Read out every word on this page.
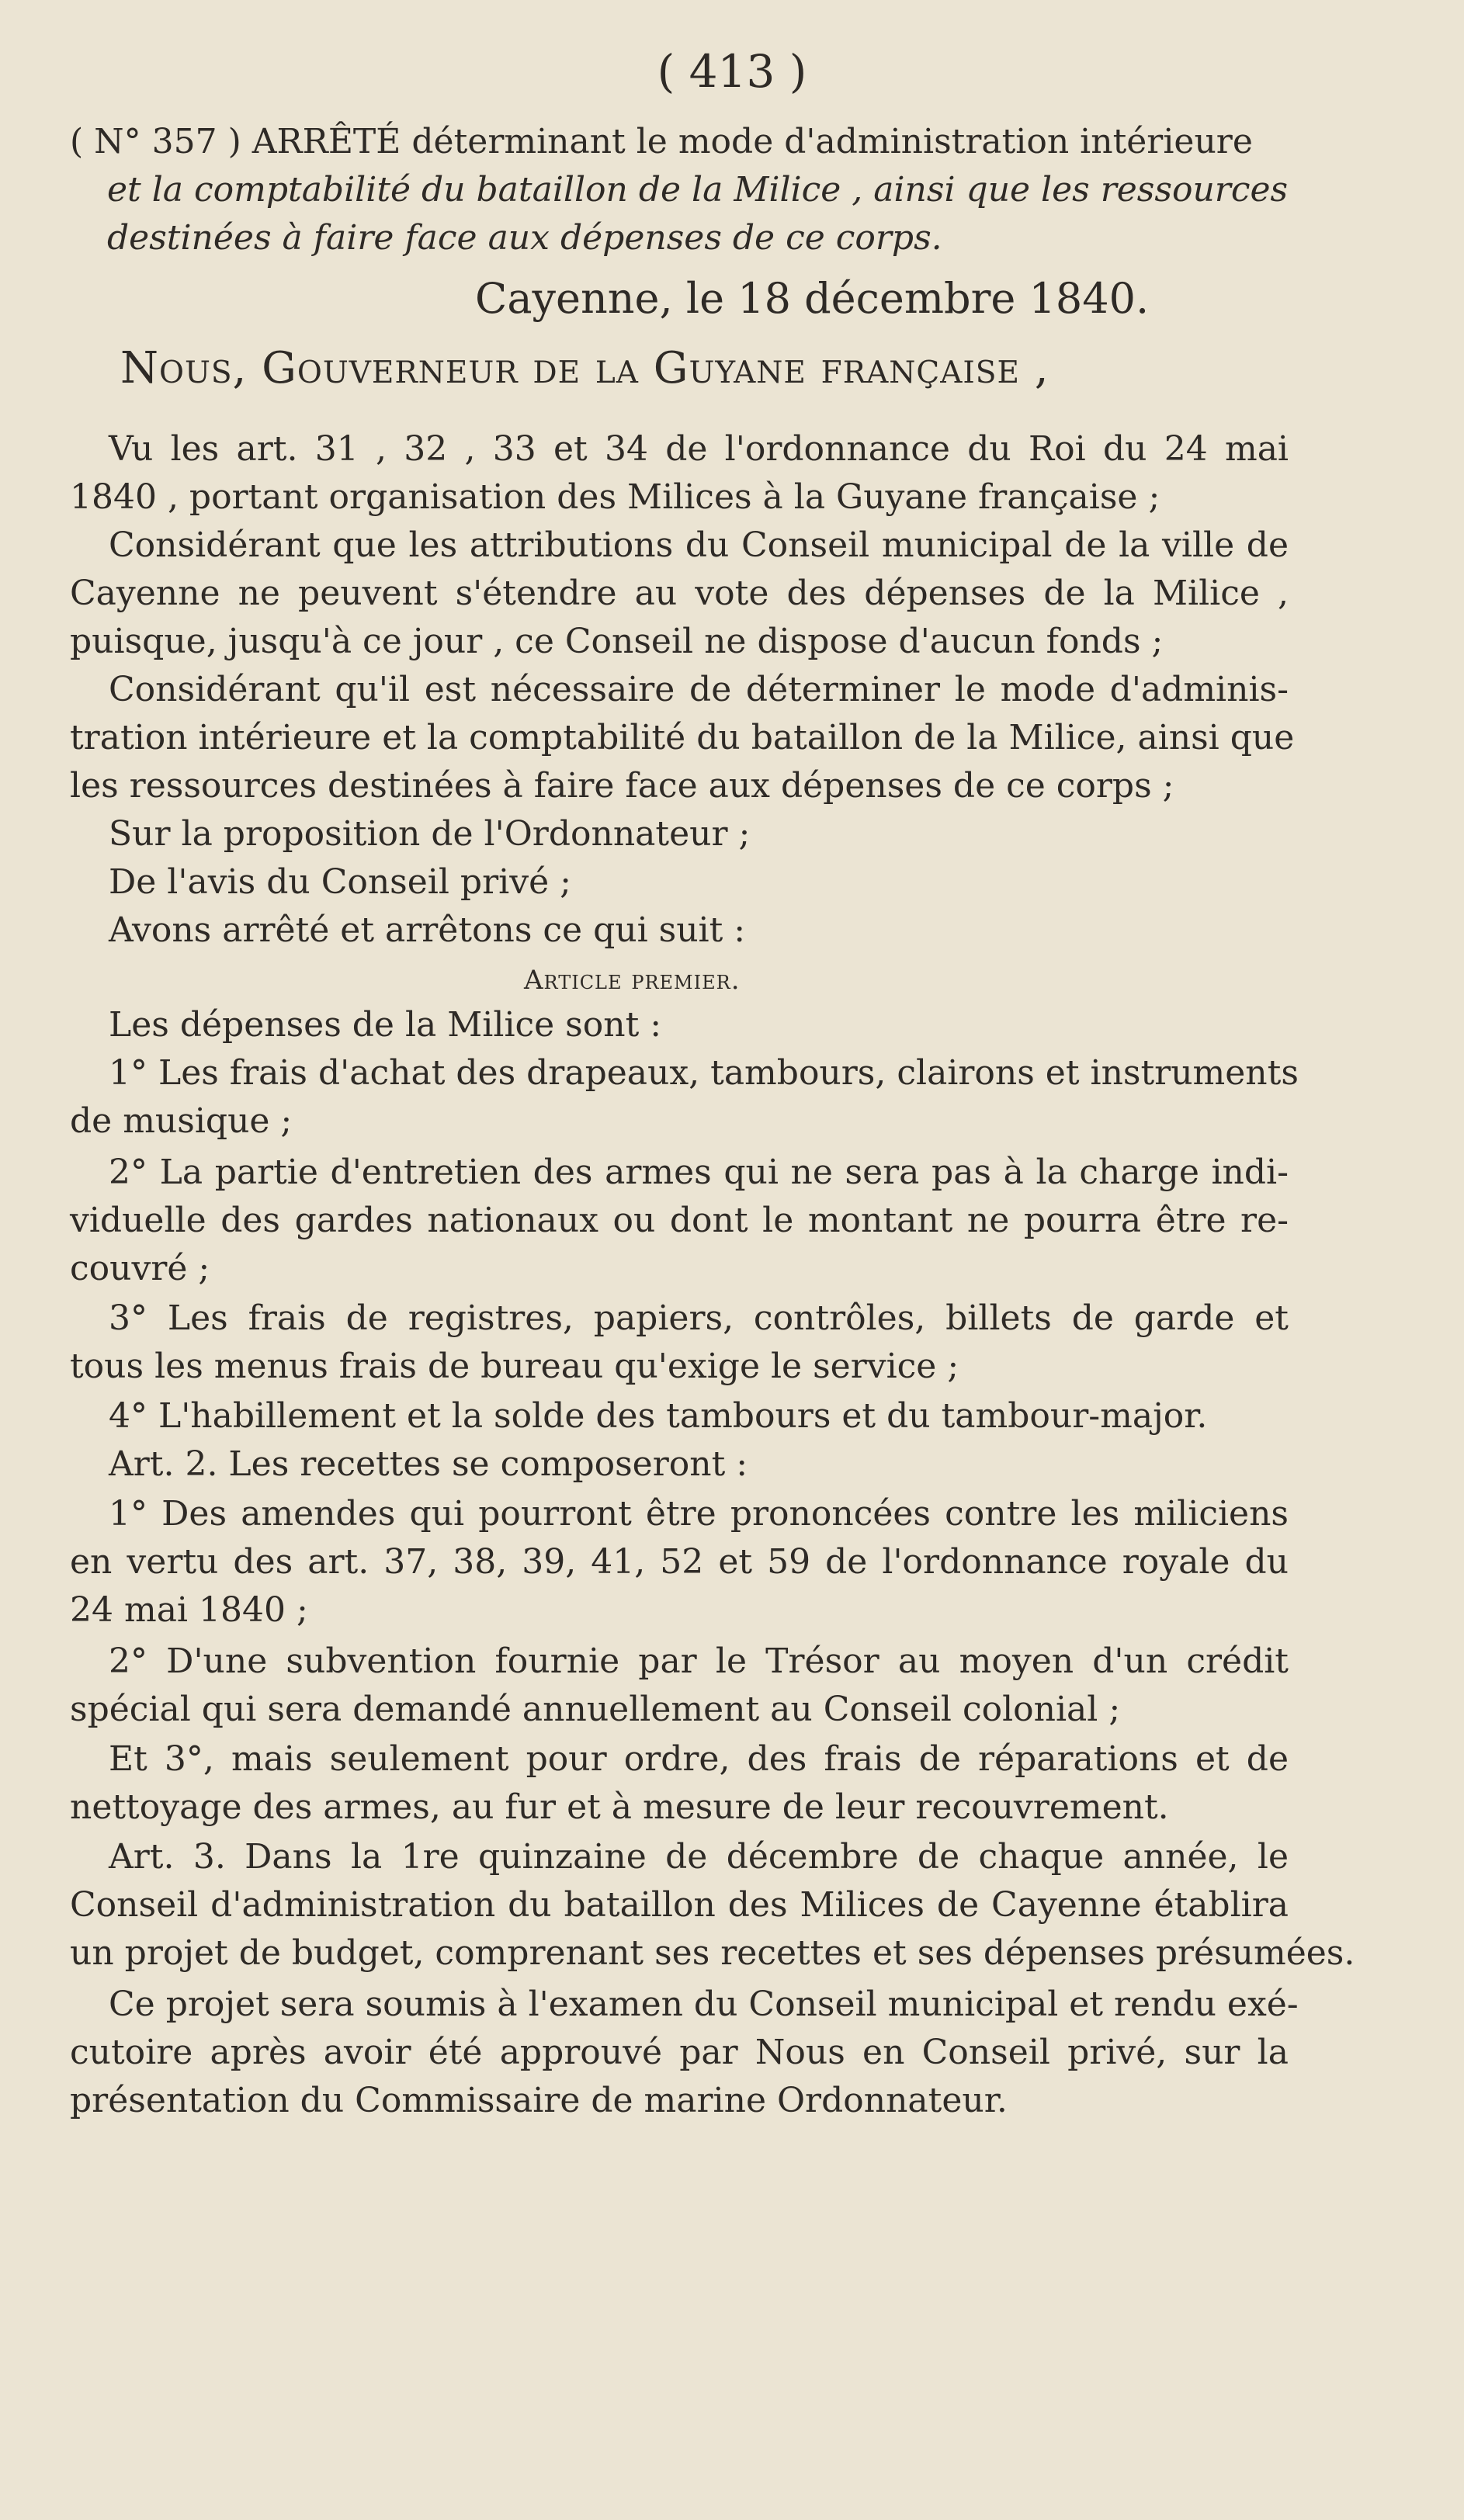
( 413 )
( N° 357 ) ARRÊTÉ déterminant le mode d'administration intérieure
et la comptabilité du bataillon de la Milice , ainsi que les ressources
destinées à faire face aux dépenses de ce corps.
Cayenne, le 18 décembre 1840.
Nous, Gouverneur de la Guyane française ,
Vu les art. 31 , 32 , 33 et 34 de l'ordonnance du Roi du 24 mai
1840 , portant organisation des Milices à la Guyane française ;
Considérant que les attributions du Conseil municipal de la ville de
Cayenne ne peuvent s'étendre au vote des dépenses de la Milice ,
puisque, jusqu'à ce jour , ce Conseil ne dispose d'aucun fonds ;
Considérant qu'il est nécessaire de déterminer le mode d'adminis-
tration intérieure et la comptabilité du bataillon de la Milice, ainsi que
les ressources destinées à faire face aux dépenses de ce corps ;
Sur la proposition de l'Ordonnateur ;
De l'avis du Conseil privé ;
Avons arrêté et arrêtons ce qui suit :
Article premier.
Les dépenses de la Milice sont :
1° Les frais d'achat des drapeaux, tambours, clairons et instruments
de musique ;
2° La partie d'entretien des armes qui ne sera pas à la charge indi-
viduelle des gardes nationaux ou dont le montant ne pourra être re-
couvré ;
3° Les frais de registres, papiers, contrôles, billets de garde et
tous les menus frais de bureau qu'exige le service ;
4° L'habillement et la solde des tambours et du tambour-major.
Art. 2. Les recettes se composeront :
1° Des amendes qui pourront être prononcées contre les miliciens
en vertu des art. 37, 38, 39, 41, 52 et 59 de l'ordonnance royale du
24 mai 1840 ;
2° D'une subvention fournie par le Trésor au moyen d'un crédit
spécial qui sera demandé annuellement au Conseil colonial ;
Et 3°, mais seulement pour ordre, des frais de réparations et de
nettoyage des armes, au fur et à mesure de leur recouvrement.
Art. 3. Dans la 1re quinzaine de décembre de chaque année, le
Conseil d'administration du bataillon des Milices de Cayenne établira
un projet de budget, comprenant ses recettes et ses dépenses présumées.
Ce projet sera soumis à l'examen du Conseil municipal et rendu exé-
cutoire après avoir été approuvé par Nous en Conseil privé, sur la
présentation du Commissaire de marine Ordonnateur.
